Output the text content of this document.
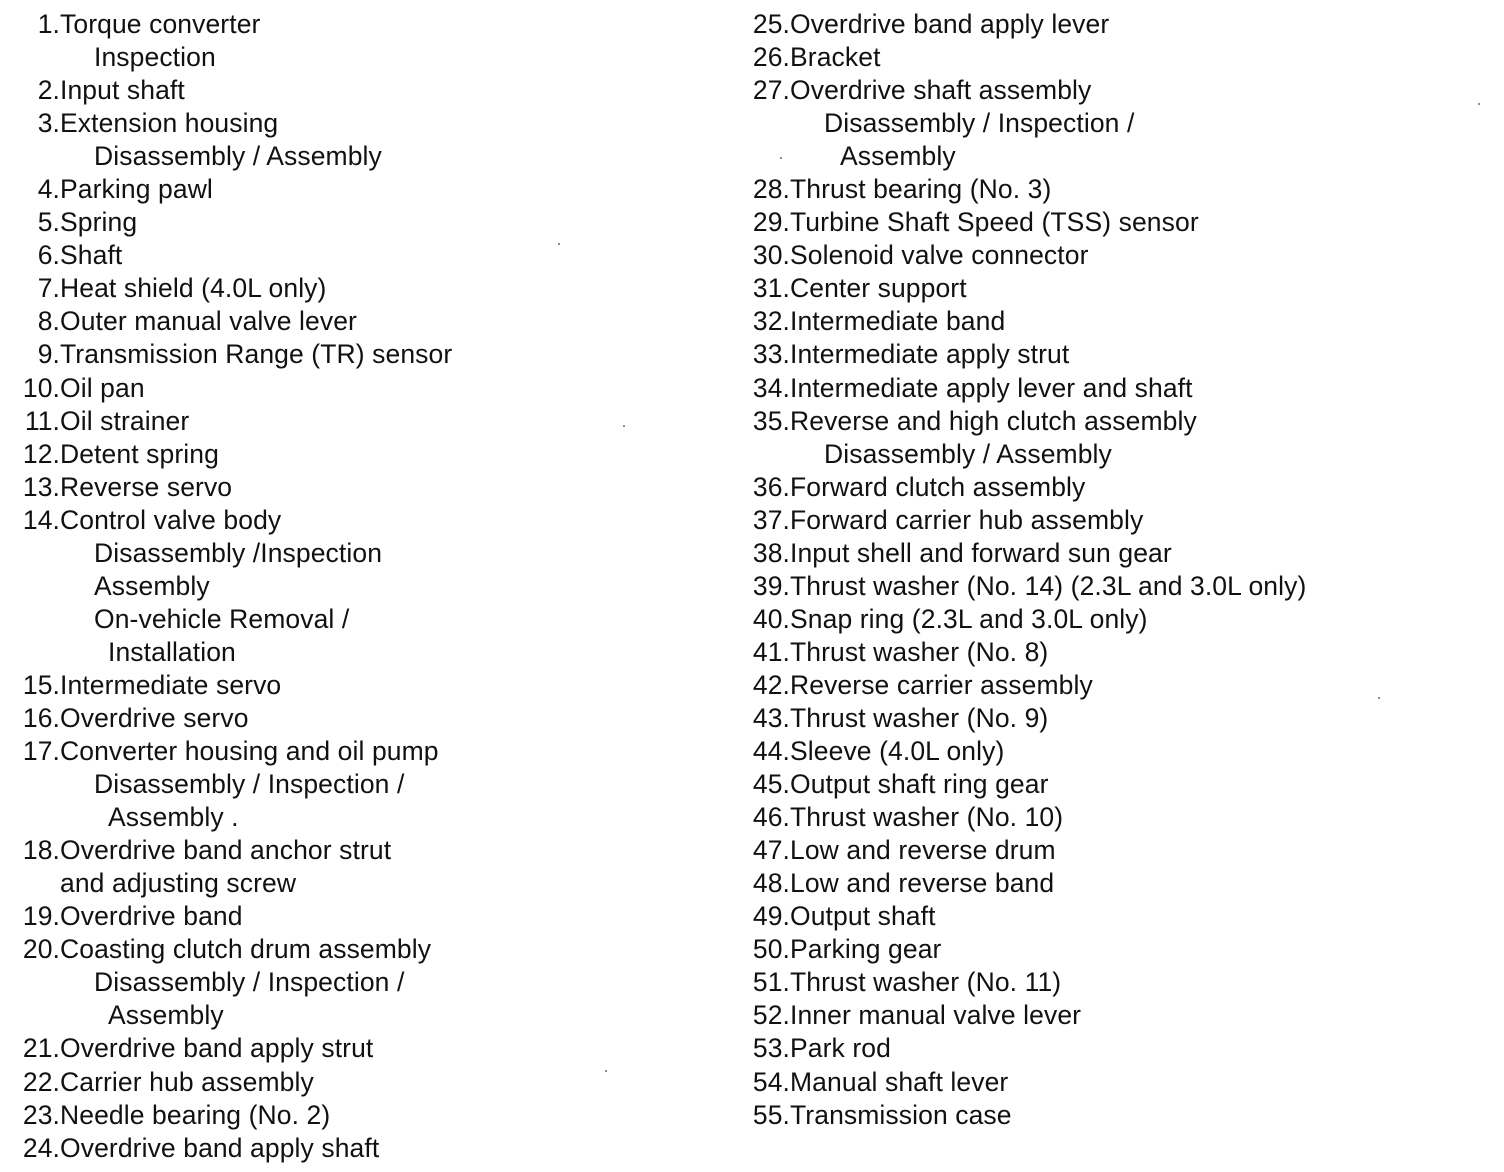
1.Torque converter
Inspection
2.Input shaft
3.Extension housing
Disassembly / Assembly
4.Parking pawl
5.Spring
6.Shaft
7.Heat shield (4.0L only)
8.Outer manual valve lever
9.Transmission Range (TR) sensor
10.Oil pan
11.Oil strainer
12.Detent spring
13.Reverse servo
14.Control valve body
Disassembly /Inspection
Assembly
On-vehicle Removal /
Installation
15.Intermediate servo
16.Overdrive servo
17.Converter housing and oil pump
Disassembly / Inspection /
Assembly .
18.Overdrive band anchor strut
and adjusting screw
19.Overdrive band
20.Coasting clutch drum assembly
Disassembly / Inspection /
Assembly
21.Overdrive band apply strut
22.Carrier hub assembly
23.Needle bearing (No. 2)
24.Overdrive band apply shaft
25.Overdrive band apply lever
26.Bracket
27.Overdrive shaft assembly
Disassembly / Inspection /
Assembly
28.Thrust bearing (No. 3)
29.Turbine Shaft Speed (TSS) sensor
30.Solenoid valve connector
31.Center support
32.Intermediate band
33.Intermediate apply strut
34.Intermediate apply lever and shaft
35.Reverse and high clutch assembly
Disassembly / Assembly
36.Forward clutch assembly
37.Forward carrier hub assembly
38.Input shell and forward sun gear
39.Thrust washer (No. 14) (2.3L and 3.0L only)
40.Snap ring (2.3L and 3.0L only)
41.Thrust washer (No. 8)
42.Reverse carrier assembly
43.Thrust washer (No. 9)
44.Sleeve (4.0L only)
45.Output shaft ring gear
46.Thrust washer (No. 10)
47.Low and reverse drum
48.Low and reverse band
49.Output shaft
50.Parking gear
51.Thrust washer (No. 11)
52.Inner manual valve lever
53.Park rod
54.Manual shaft lever
55.Transmission case
